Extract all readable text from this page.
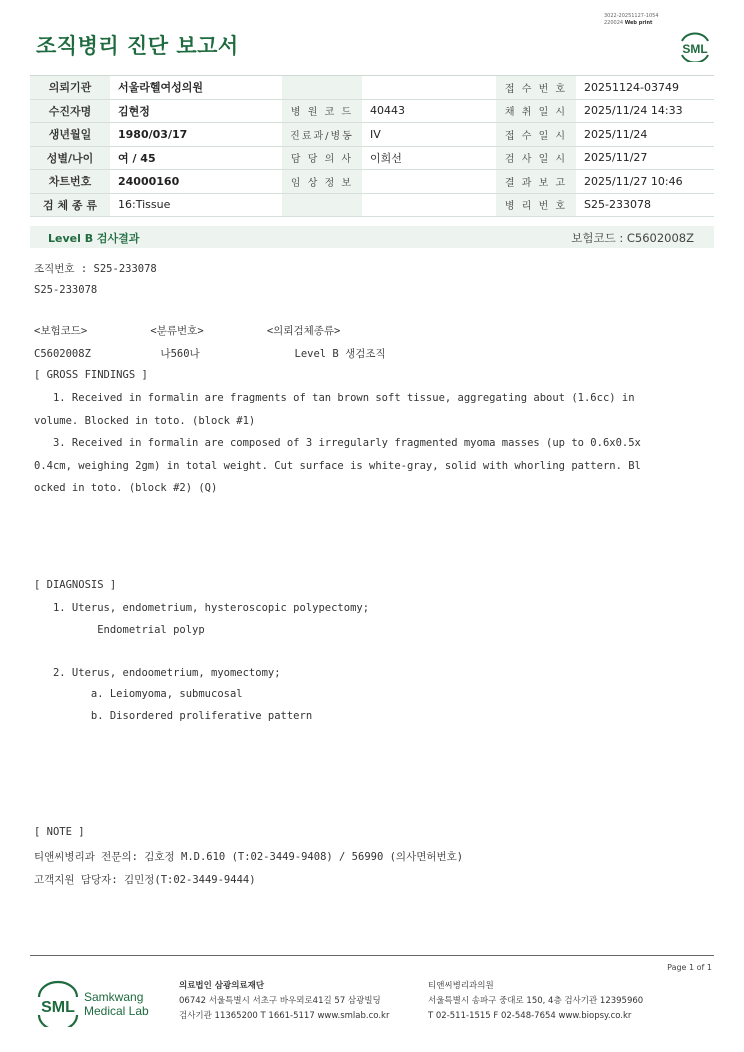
조직병리 진단 보고서
3022-20251127-1054
220024 Web print
SML
의뢰기관	서울라헬여성의원			접 수 번 호	20251124-03749
수진자명	김현정	병 원 코 드	40443	채 취 일 시	2025/11/24 14:33
생년월일	1980/03/17	진료과/병동	IV	접 수 일 시	2025/11/24
성별/나이	여 / 45	담 당 의 사	이희선	검 사 일 시	2025/11/27
차트번호	24000160	임 상 정 보		결 과 보 고	2025/11/27 10:46
검 체 종 류	16:Tissue			병 리 번 호	S25-233078
Level B 검사결과	보험코드 : C5602008Z
조직번호 : S25-233078
S25-233078
<보험코드>          <분류번호>          <의뢰검체종류>
C5602008Z           나560나               Level B 생검조직
[ GROSS FINDINGS ]
1. Received in formalin are fragments of tan brown soft tissue, aggregating about (1.6cc) in
volume. Blocked in toto. (block #1)
3. Received in formalin are composed of 3 irregularly fragmented myoma masses (up to 0.6x0.5x
0.4cm, weighing 2gm) in total weight. Cut surface is white-gray, solid with whorling pattern. Bl
ocked in toto. (block #2) (Q)
[ DIAGNOSIS ]
1. Uterus, endometrium, hysteroscopic polypectomy;
Endometrial polyp
2. Uterus, endoometrium, myomectomy;
a. Leiomyoma, submucosal
b. Disordered proliferative pattern
[ NOTE ]
티앤씨병리과 전문의: 김호정 M.D.610 (T:02-3449-9408) / 56990 (의사면허번호)
고객지원 담당자: 김민정(T:02-3449-9444)
Page 1 of 1
SML
Samkwang
Medical Lab
의료법인 삼광의료재단
06742 서울특별시 서초구 바우뫼로41길 57 삼광빌딩
검사기관 11365200 T 1661-5117 www.smlab.co.kr
티앤씨병리과의원
서울특별시 송파구 중대로 150, 4층 검사기관 12395960
T 02-511-1515 F 02-548-7654 www.biopsy.co.kr
